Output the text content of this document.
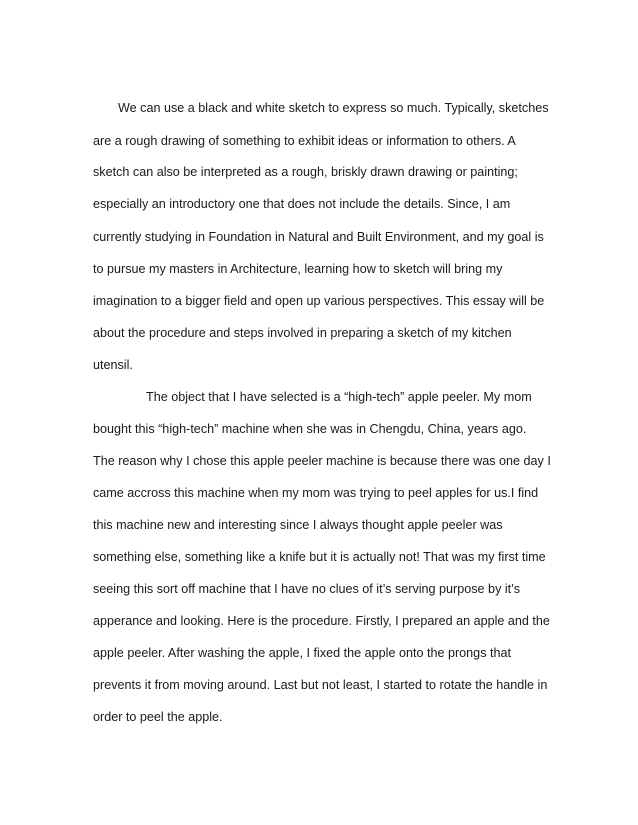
We can use a black and white sketch to express so much. Typically, sketches
are a rough drawing of something to exhibit ideas or information to others. A
sketch can also be interpreted as a rough, briskly drawn drawing or painting;
especially an introductory one that does not include the details. Since, I am
currently studying in Foundation in Natural and Built Environment, and my goal is
to pursue my masters in Architecture, learning how to sketch will bring my
imagination to a bigger field and open up various perspectives. This essay will be
about the procedure and steps involved in preparing a sketch of my kitchen
utensil.
The object that I have selected is a “high-tech” apple peeler. My mom
bought this “high-tech” machine when she was in Chengdu, China, years ago.
The reason why I chose this apple peeler machine is because there was one day I
came accross this machine when my mom was trying to peel apples for us.I find
this machine new and interesting since I always thought apple peeler was
something else, something like a knife but it is actually not! That was my first time
seeing this sort off machine that I have no clues of it’s serving purpose by it’s
apperance and looking. Here is the procedure. Firstly, I prepared an apple and the
apple peeler. After washing the apple, I fixed the apple onto the prongs that
prevents it from moving around. Last but not least, I started to rotate the handle in
order to peel the apple.
